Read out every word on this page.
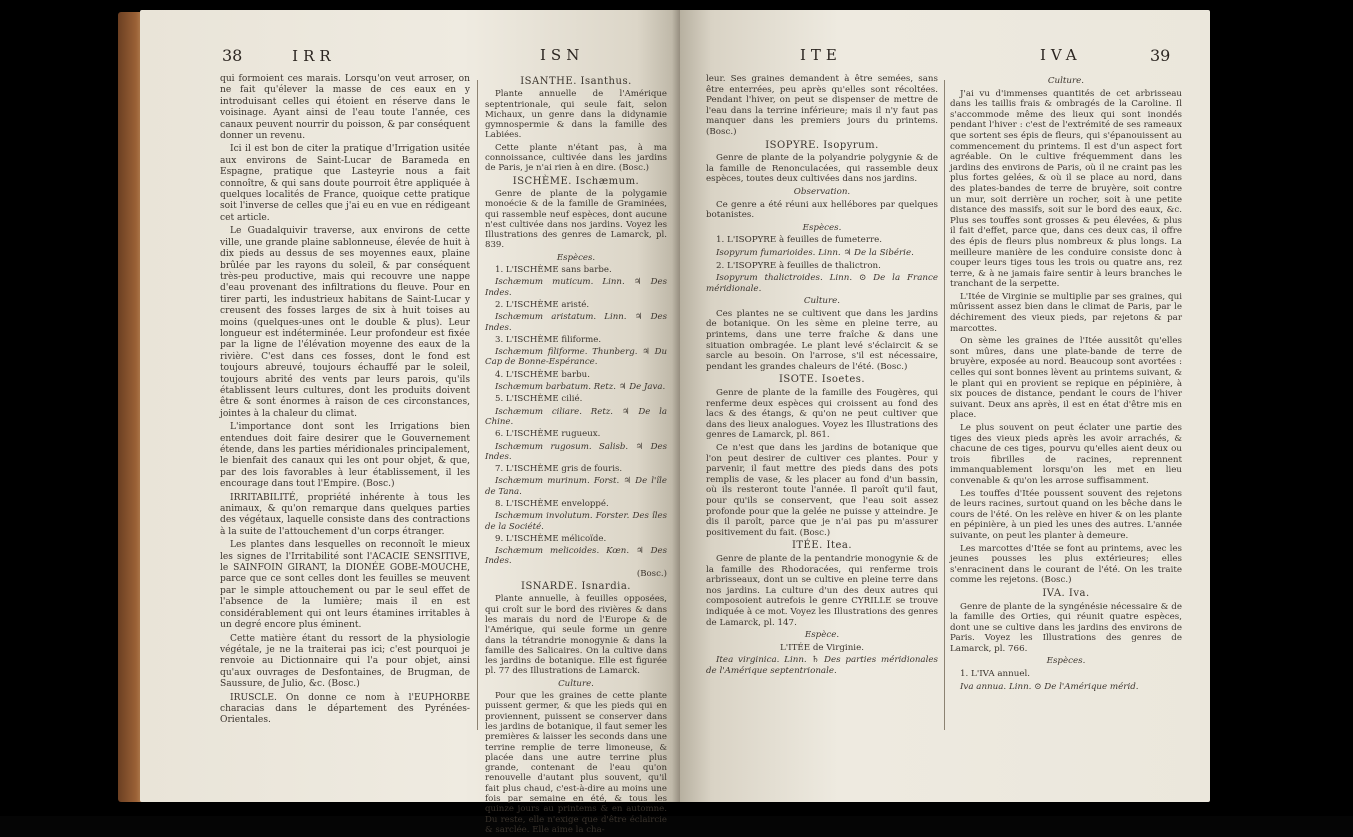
38	IRR	ISN

qui formoient ces marais. Lorsqu'on veut arroser, on ne fait qu'élever la masse de ces eaux en y introduisant celles qui étoient en réserve dans le voisinage. Ayant ainsi de l'eau toute l'année, ces canaux peuvent nourrir du poisson, & par conséquent donner un revenu.

Ici il est bon de citer la pratique d'Irrigation usitée aux environs de Saint-Lucar de Barameda en Espagne, pratique que Lasteyrie nous a fait connoître, & qui sans doute pourroit être appliquée à quelques localités de France, quoique cette pratique soit l'inverse de celles que j'ai eu en vue en rédigeant cet article.

Le Guadalquivir traverse, aux environs de cette ville, une grande plaine sablonneuse, élevée de huit à dix pieds au dessus de ses moyennes eaux, plaine brûlée par les rayons du soleil, & par conséquent très-peu productive, mais qui recouvre une nappe d'eau provenant des infiltrations du fleuve. Pour en tirer parti, les industrieux habitans de Saint-Lucar y creusent des fosses larges de six à huit toises au moins (quelques-unes ont le double & plus). Leur longueur est indéterminée. Leur profondeur est fixée par la ligne de l'élévation moyenne des eaux de la rivière. C'est dans ces fosses, dont le fond est toujours abreuvé, toujours échauffé par le soleil, toujours abrité des vents par leurs parois, qu'ils établissent leurs cultures, dont les produits doivent être & sont énormes à raison de ces circonstances, jointes à la chaleur du climat.

L'importance dont sont les Irrigations bien entendues doit faire desirer que le Gouvernement étende, dans les parties méridionales principalement, le bienfait des canaux qui les ont pour objet, & que, par des lois favorables à leur établissement, il les encourage dans tout l'Empire. (Bosc.)

IRRITABILITÉ, propriété inhérente à tous les animaux, & qu'on remarque dans quelques parties des végétaux, laquelle consiste dans des contractions à la suite de l'attouchement d'un corps étranger.

Les plantes dans lesquelles on reconnoît le mieux les signes de l'Irritabilité sont l'ACACIE SENSITIVE, le SAINFOIN GIRANT, la DIONÉE GOBE-MOUCHE, parce que ce sont celles dont les feuilles se meuvent par le simple attouchement ou par le seul effet de l'absence de la lumière; mais il en est considérablement qui ont leurs étamines irritables à un degré encore plus éminent.

Cette matière étant du ressort de la physiologie végétale, je ne la traiterai pas ici; c'est pourquoi je renvoie au Dictionnaire qui l'a pour objet, ainsi qu'aux ouvrages de Desfontaines, de Brugman, de Saussure, de Julio, &c. (Bosc.)

IRUSCLE. On donne ce nom à l'EUPHORBE characias dans le département des Pyrénées-Orientales.

ISANTHE. Isanthus.

Plante annuelle de l'Amérique septentrionale, qui seule fait, selon Michaux, un genre dans la didynamie gymnospermie & dans la famille des Labiées.

Cette plante n'étant pas, à ma connoissance, cultivée dans les jardins de Paris, je n'ai rien à en dire. (Bosc.)

ISCHÈME. Ischæmum.

Genre de plante de la polygamie monoécie & de la famille de Graminées, qui rassemble neuf espèces, dont aucune n'est cultivée dans nos jardins. Voyez les Illustrations des genres de Lamarck, pl. 839.

Espèces.

1. L'ISCHÈME sans barbe.

Ischæmum muticum. Linn. ♃ Des Indes.

2. L'ISCHÈME aristé.

Ischæmum aristatum. Linn. ♃ Des Indes.

3. L'ISCHÈME filiforme.

Ischæmum filiforme. Thunberg. ♃ Du Cap de Bonne-Espérance.

4. L'ISCHÈME barbu.

Ischæmum barbatum. Retz. ♃ De Java.

5. L'ISCHÈME cilié.

Ischæmum ciliare. Retz. ♃ De la Chine.

6. L'ISCHÈME rugueux.

Ischæmum rugosum. Salisb. ♃ Des Indes.

7. L'ISCHÈME gris de fouris.

Ischæmum murinum. Forst. ♃ De l'île de Tana.

8. L'ISCHÈME enveloppé.

Ischæmum involutum. Forster. Des îles de la Société.

9. L'ISCHÈME mélicoïde.

Ischæmum melicoides. Kœn. ♃ Des Indes.

(Bosc.)

ISNARDE. Isnardia.

Plante annuelle, à feuilles opposées, qui croît sur le bord des rivières & dans les marais du nord de l'Europe & de l'Amérique, qui seule forme un genre dans la tétrandrie monogynie & dans la famille des Salicaires. On la cultive dans les jardins de botanique. Elle est figurée pl. 77 des Illustrations de Lamarck.

Culture.

Pour que les graines de cette plante puissent germer, & que les pieds qui en proviennent, puissent se conserver dans les jardins de botanique, il faut semer les premières & laisser les seconds dans une terrine remplie de terre limoneuse, & placée dans une autre terrine plus grande, contenant de l'eau qu'on renouvelle d'autant plus souvent, qu'il fait plus chaud, c'est-à-dire au moins une fois par semaine en été, & tous les quinze jours au printems & en automne. Du reste, elle n'exige que d'être éclaircie & sarclée. Elle aime la cha-

ITE	IVA	39

leur. Ses graines demandent à être semées, sans être enterrées, peu après qu'elles sont récoltées. Pendant l'hiver, on peut se dispenser de mettre de l'eau dans la terrine inférieure; mais il n'y faut pas manquer dans les premiers jours du printems. (Bosc.)

ISOPYRE. Isopyrum.

Genre de plante de la polyandrie polygynie & de la famille de Renonculacées, qui rassemble deux espèces, toutes deux cultivées dans nos jardins.

Observation.

Ce genre a été réuni aux hellébores par quelques botanistes.

Espèces.

1. L'ISOPYRE à feuilles de fumeterre.

Isopyrum fumarioides. Linn. ♃ De la Sibérie.

2. L'ISOPYRE à feuilles de thalictron.

Isopyrum thalictroides. Linn. ⊙ De la France méridionale.

Culture.

Ces plantes ne se cultivent que dans les jardins de botanique. On les sème en pleine terre, au printems, dans une terre fraîche & dans une situation ombragée. Le plant levé s'éclaircit & se sarcle au besoin. On l'arrose, s'il est nécessaire, pendant les grandes chaleurs de l'été. (Bosc.)

ISOTE. Isoetes.

Genre de plante de la famille des Fougères, qui renferme deux espèces qui croissent au fond des lacs & des étangs, & qu'on ne peut cultiver que dans des lieux analogues. Voyez les Illustrations des genres de Lamarck, pl. 861.

Ce n'est que dans les jardins de botanique que l'on peut desirer de cultiver ces plantes. Pour y parvenir, il faut mettre des pieds dans des pots remplis de vase, & les placer au fond d'un bassin, où ils resteront toute l'année. Il paroît qu'il faut, pour qu'ils se conservent, que l'eau soit assez profonde pour que la gelée ne puisse y atteindre. Je dis il paroît, parce que je n'ai pas pu m'assurer positivement du fait. (Bosc.)

ITÉE. Itea.

Genre de plante de la pentandrie monogynie & de la famille des Rhodoracées, qui renferme trois arbrisseaux, dont un se cultive en pleine terre dans nos jardins. La culture d'un des deux autres qui composoient autrefois le genre CYRILLE se trouve indiquée à ce mot. Voyez les Illustrations des genres de Lamarck, pl. 147.

Espèce.

L'ITÉE de Virginie.

Itea virginica. Linn. ♄ Des parties méridionales de l'Amérique septentrionale.

Culture.

J'ai vu d'immenses quantités de cet arbrisseau dans les taillis frais & ombragés de la Caroline. Il s'accommode même des lieux qui sont inondés pendant l'hiver : c'est de l'extrémité de ses rameaux que sortent ses épis de fleurs, qui s'épanouissent au commencement du printems. Il est d'un aspect fort agréable. On le cultive fréquemment dans les jardins des environs de Paris, où il ne craint pas les plus fortes gelées, & où il se place au nord, dans des plates-bandes de terre de bruyère, soit contre un mur, soit derrière un rocher, soit à une petite distance des massifs, soit sur le bord des eaux, &c. Plus ses touffes sont grosses & peu élevées, & plus il fait d'effet, parce que, dans ces deux cas, il offre des épis de fleurs plus nombreux & plus longs. La meilleure manière de les conduire consiste donc à couper leurs tiges tous les trois ou quatre ans, rez terre, & à ne jamais faire sentir à leurs branches le tranchant de la serpette.

L'Itée de Virginie se multiplie par ses graines, qui mûrissent assez bien dans le climat de Paris, par le déchirement des vieux pieds, par rejetons & par marcottes.

On sème les graines de l'Itée aussitôt qu'elles sont mûres, dans une plate-bande de terre de bruyère, exposée au nord. Beaucoup sont avortées : celles qui sont bonnes lèvent au printems suivant, & le plant qui en provient se repique en pépinière, à six pouces de distance, pendant le cours de l'hiver suivant. Deux ans après, il est en état d'être mis en place.

Le plus souvent on peut éclater une partie des tiges des vieux pieds après les avoir arrachés, & chacune de ces tiges, pourvu qu'elles aient deux ou trois fibrilles de racines, reprennent immanquablement lorsqu'on les met en lieu convenable & qu'on les arrose suffisamment.

Les touffes d'Itée poussent souvent des rejetons de leurs racines, surtout quand on les bêche dans le cours de l'été. On les relève en hiver & on les plante en pépinière, à un pied les unes des autres. L'année suivante, on peut les planter à demeure.

Les marcottes d'Itée se font au printems, avec les jeunes pousses les plus extérieures; elles s'enracinent dans le courant de l'été. On les traite comme les rejetons. (Bosc.)

IVA. Iva.

Genre de plante de la syngénésie nécessaire & de la famille des Orties, qui réunit quatre espèces, dont une se cultive dans les jardins des environs de Paris. Voyez les Illustrations des genres de Lamarck, pl. 766.

Espèces.

1. L'IVA annuel.

Iva annua. Linn. ⊙ De l'Amérique mérid.
